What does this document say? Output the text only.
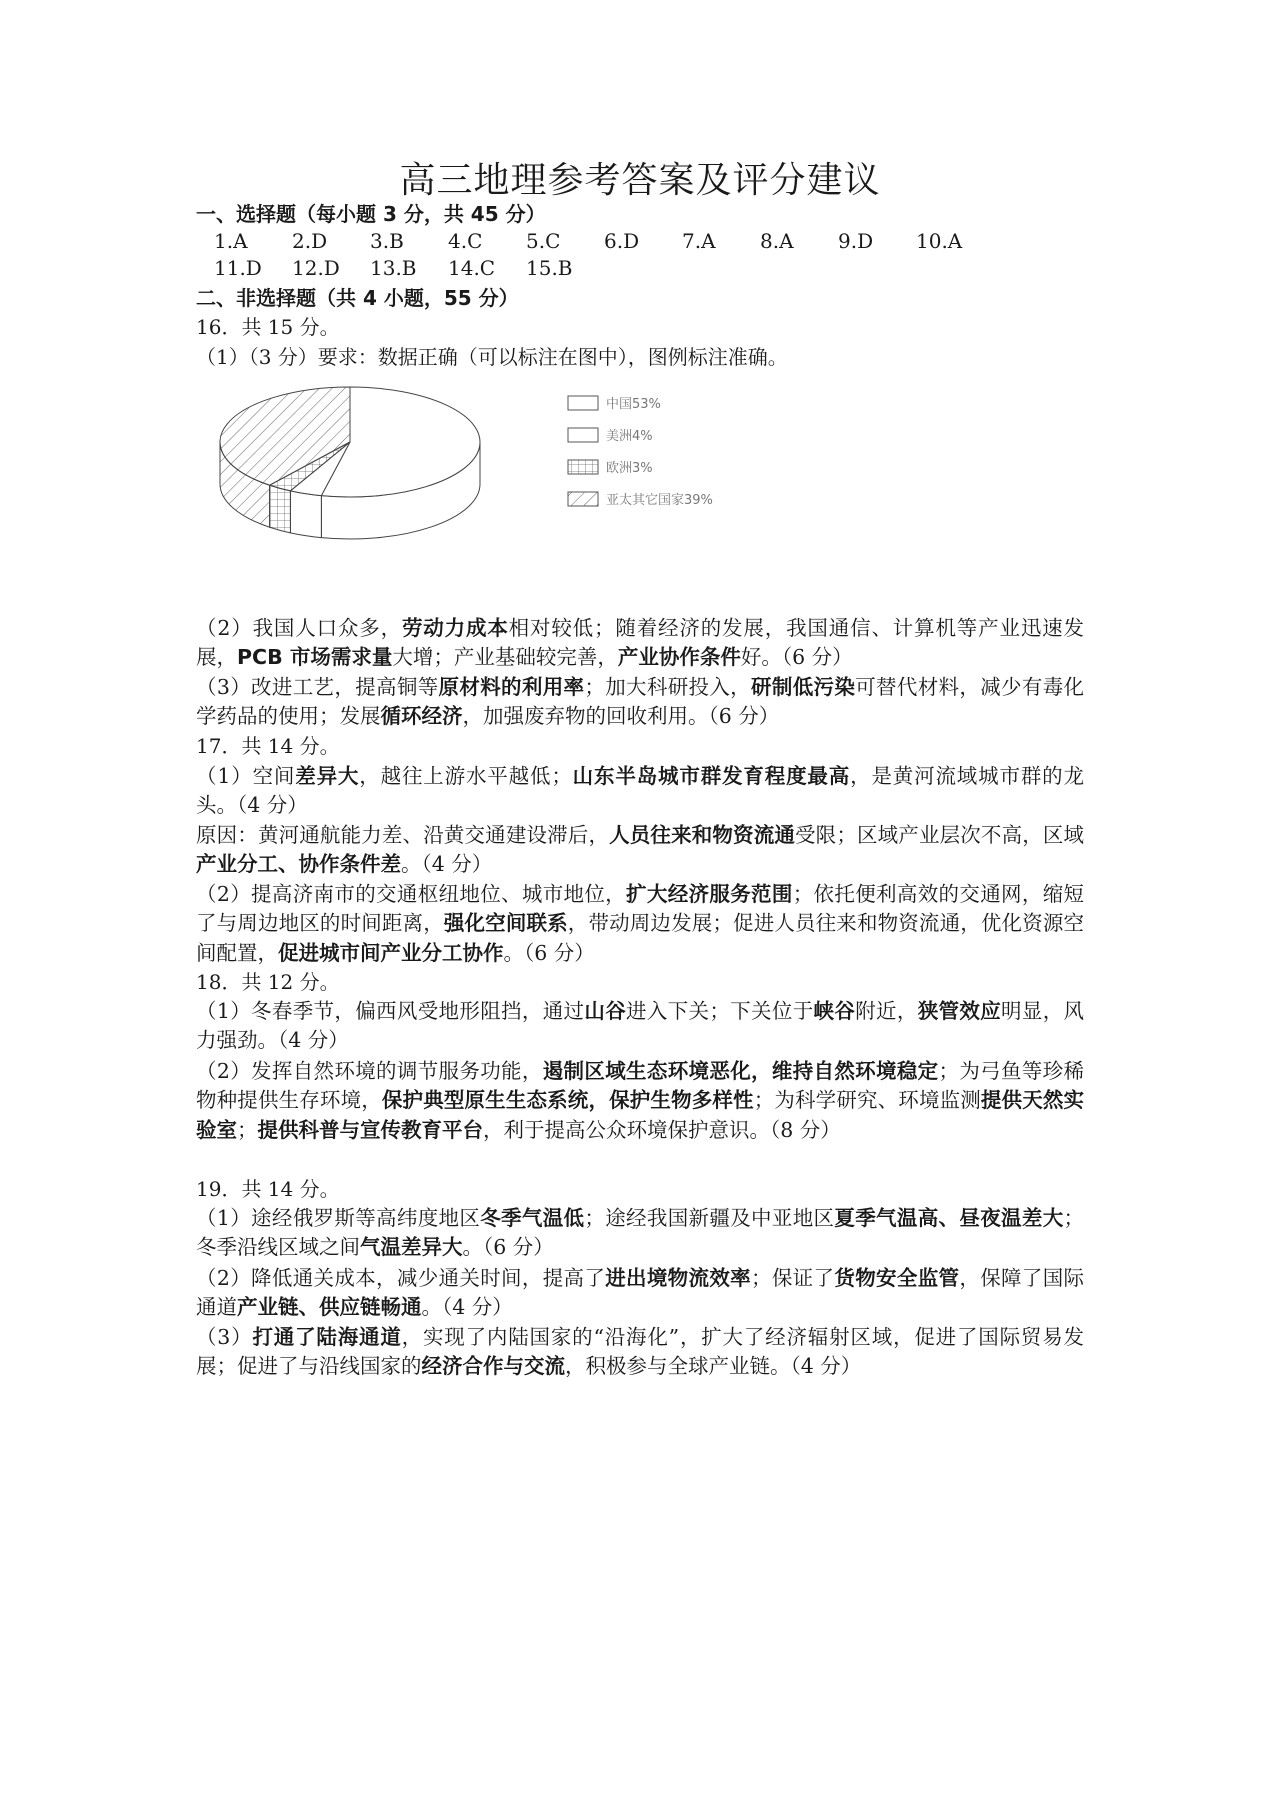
高三地理参考答案及评分建议
一、选择题（每小题 3 分，共 45 分）
1.A 2.D 3.B 4.C 5.C 6.D 7.A 8.A 9.D 10.A
11.D 12.D 13.B 14.C 15.B
二、非选择题（共 4 小题，55 分）
16．共 15 分。
（1）（3 分）要求：数据正确（可以标注在图中），图例标注准确。
中国53%
美洲4%
欧洲3%
亚太其它国家39%
（2）我国人口众多，劳动力成本相对较低；随着经济的发展，我国通信、计算机等产业迅速发展，PCB 市场需求量大增；产业基础较完善，产业协作条件好。（6 分）
（3）改进工艺，提高铜等原材料的利用率；加大科研投入，研制低污染可替代材料，减少有毒化学药品的使用；发展循环经济，加强废弃物的回收利用。（6 分）
17．共 14 分。
（1）空间差异大，越往上游水平越低；山东半岛城市群发育程度最高，是黄河流域城市群的龙头。（4 分）
原因：黄河通航能力差、沿黄交通建设滞后，人员往来和物资流通受限；区域产业层次不高，区域产业分工、协作条件差。（4 分）
（2）提高济南市的交通枢纽地位、城市地位，扩大经济服务范围；依托便利高效的交通网，缩短了与周边地区的时间距离，强化空间联系，带动周边发展；促进人员往来和物资流通，优化资源空间配置，促进城市间产业分工协作。（6 分）
18．共 12 分。
（1）冬春季节，偏西风受地形阻挡，通过山谷进入下关；下关位于峡谷附近，狭管效应明显，风力强劲。（4 分）
（2）发挥自然环境的调节服务功能，遏制区域生态环境恶化，维持自然环境稳定；为弓鱼等珍稀物种提供生存环境，保护典型原生生态系统，保护生物多样性；为科学研究、环境监测提供天然实验室；提供科普与宣传教育平台，利于提高公众环境保护意识。（8 分）
19．共 14 分。
（1）途经俄罗斯等高纬度地区冬季气温低；途经我国新疆及中亚地区夏季气温高、昼夜温差大；冬季沿线区域之间气温差异大。（6 分）
（2）降低通关成本，减少通关时间，提高了进出境物流效率；保证了货物安全监管，保障了国际通道产业链、供应链畅通。（4 分）
（3）打通了陆海通道，实现了内陆国家的“沿海化”，扩大了经济辐射区域，促进了国际贸易发展；促进了与沿线国家的经济合作与交流，积极参与全球产业链。（4 分）
